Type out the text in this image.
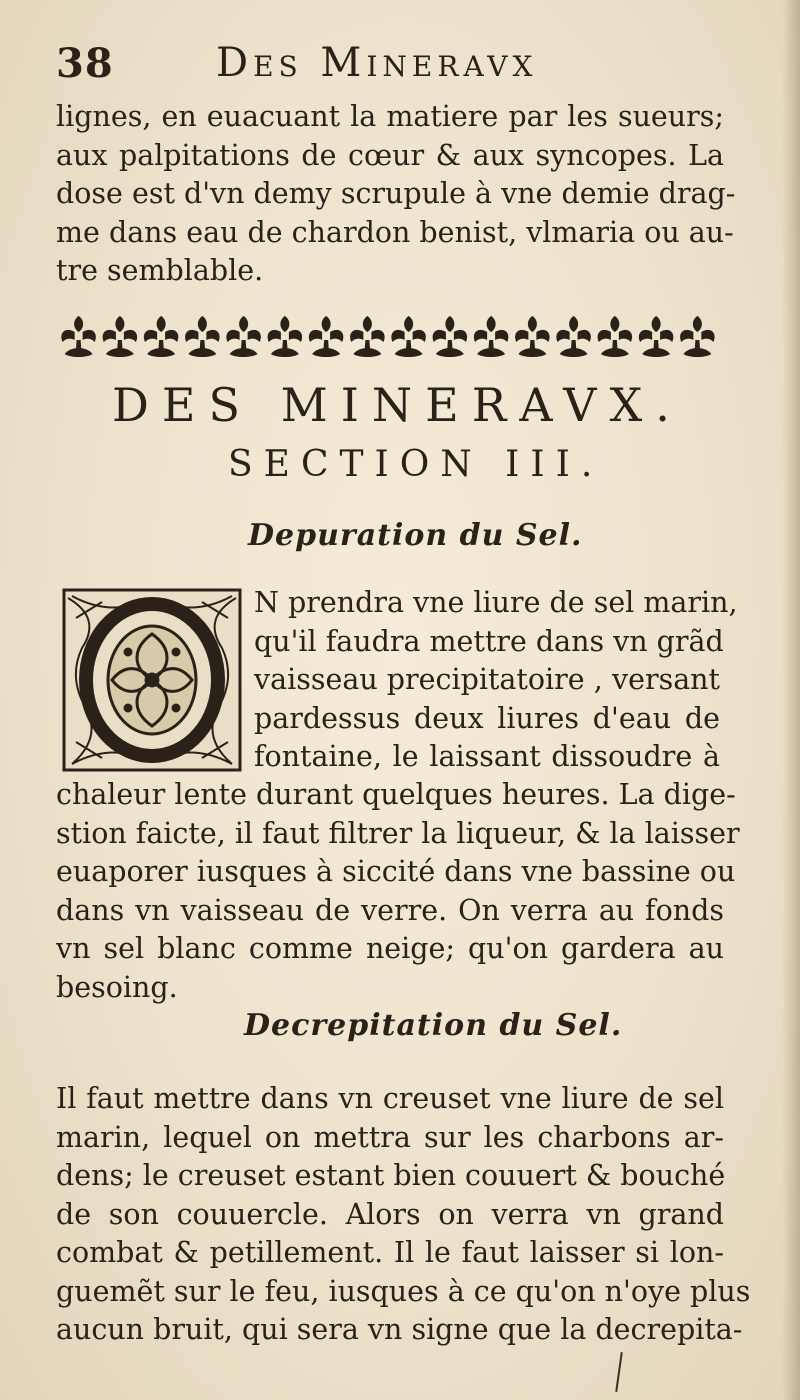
38	Des Mineravx
lignes, en euacuant la matiere par les sueurs;
aux palpitations de cœur & aux syncopes. La
dose est d'vn demy scrupule à vne demie drag-
me dans eau de chardon benist, vlmaria ou au-
tre semblable.
DES MINERAVX.
SECTION III.
Depuration du Sel.
N prendra vne liure de sel marin,
qu'il faudra mettre dans vn grãd
vaisseau precipitatoire , versant
pardessus deux liures d'eau de
fontaine, le laissant dissoudre à
chaleur lente durant quelques heures. La dige-
stion faicte, il faut filtrer la liqueur, & la laisser
euaporer iusques à siccité dans vne bassine ou
dans vn vaisseau de verre. On verra au fonds
vn sel blanc comme neige; qu'on gardera au
besoing.
Decrepitation du Sel.
Il faut mettre dans vn creuset vne liure de sel
marin, lequel on mettra sur les charbons ar-
dens; le creuset estant bien couuert & bouché
de son couuercle. Alors on verra vn grand
combat & petillement. Il le faut laisser si lon-
guemẽt sur le feu, iusques à ce qu'on n'oye plus
aucun bruit, qui sera vn signe que la decrepita-
